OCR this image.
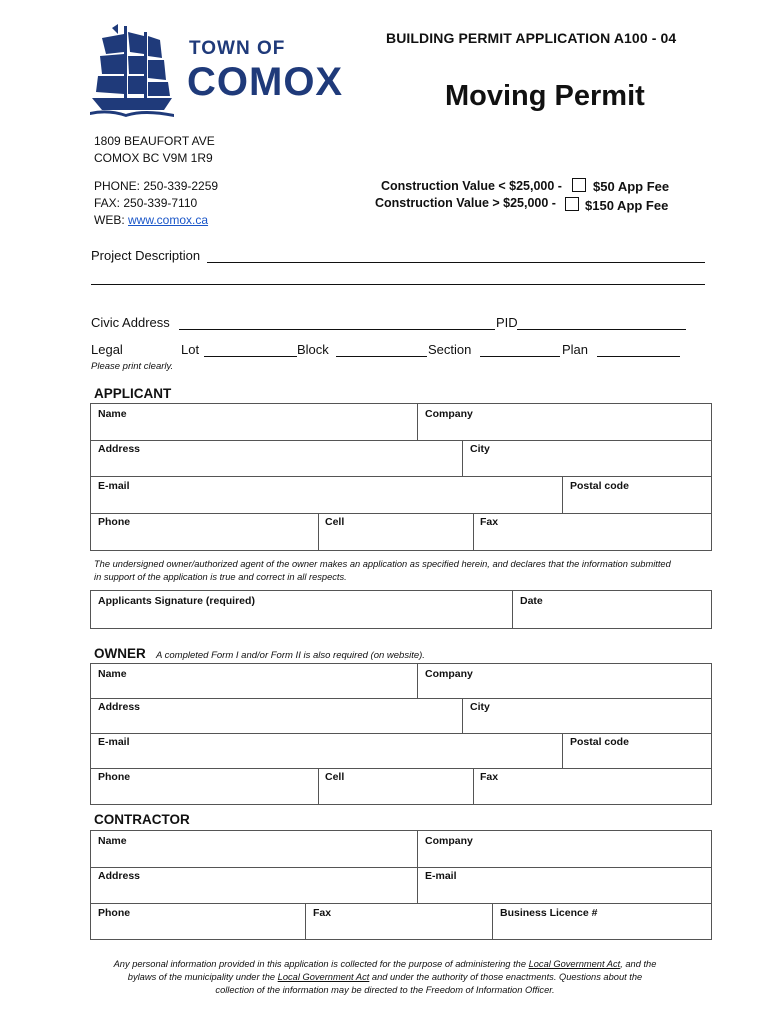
TOWN OF
COMOX
BUILDING PERMIT APPLICATION A100 - 04
Moving Permit
1809 BEAUFORT AVE
COMOX BC V9M 1R9
PHONE: 250-339-2259
FAX: 250-339-7110
WEB: www.comox.ca
Construction Value < $25,000 - $50 App Fee
Construction Value > $25,000 - $150 App Fee
Project Description
Civic Address	PID
Legal	Lot	Block	Section	Plan
Please print clearly.
APPLICANT
Name	Company
Address	City
E-mail	Postal code
Phone	Cell	Fax
The undersigned owner/authorized agent of the owner makes an application as specified herein, and declares that the information submitted
in support of the application is true and correct in all respects.
Applicants Signature (required)	Date
OWNER A completed Form I and/or Form II is also required (on website).
Name	Company
Address	City
E-mail	Postal code
Phone	Cell	Fax
CONTRACTOR
Name	Company
Address	E-mail
Phone	Fax	Business Licence #
Any personal information provided in this application is collected for the purpose of administering the Local Government Act, and the
bylaws of the municipality under the Local Government Act and under the authority of those enactments. Questions about the
collection of the information may be directed to the Freedom of Information Officer.
